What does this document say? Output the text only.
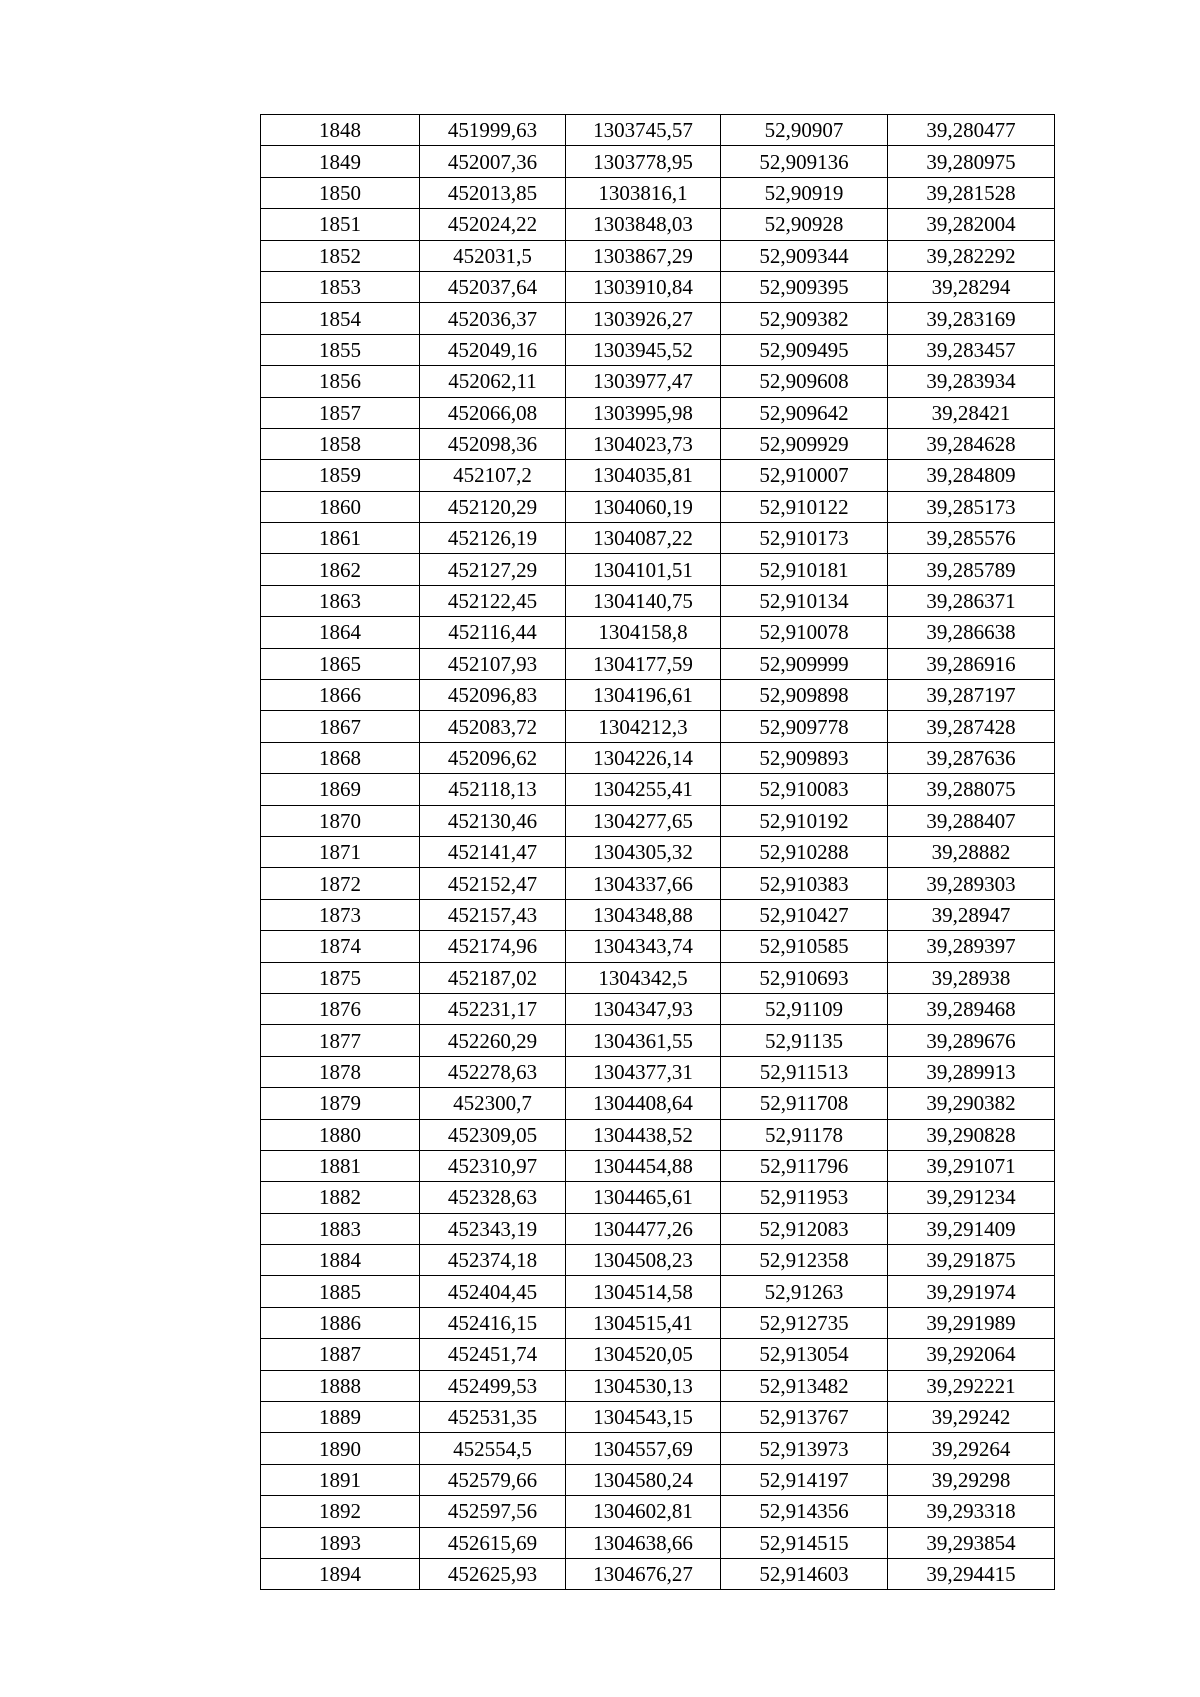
1848	451999,63	1303745,57	52,90907	39,280477
1849	452007,36	1303778,95	52,909136	39,280975
1850	452013,85	1303816,1	52,90919	39,281528
1851	452024,22	1303848,03	52,90928	39,282004
1852	452031,5	1303867,29	52,909344	39,282292
1853	452037,64	1303910,84	52,909395	39,28294
1854	452036,37	1303926,27	52,909382	39,283169
1855	452049,16	1303945,52	52,909495	39,283457
1856	452062,11	1303977,47	52,909608	39,283934
1857	452066,08	1303995,98	52,909642	39,28421
1858	452098,36	1304023,73	52,909929	39,284628
1859	452107,2	1304035,81	52,910007	39,284809
1860	452120,29	1304060,19	52,910122	39,285173
1861	452126,19	1304087,22	52,910173	39,285576
1862	452127,29	1304101,51	52,910181	39,285789
1863	452122,45	1304140,75	52,910134	39,286371
1864	452116,44	1304158,8	52,910078	39,286638
1865	452107,93	1304177,59	52,909999	39,286916
1866	452096,83	1304196,61	52,909898	39,287197
1867	452083,72	1304212,3	52,909778	39,287428
1868	452096,62	1304226,14	52,909893	39,287636
1869	452118,13	1304255,41	52,910083	39,288075
1870	452130,46	1304277,65	52,910192	39,288407
1871	452141,47	1304305,32	52,910288	39,28882
1872	452152,47	1304337,66	52,910383	39,289303
1873	452157,43	1304348,88	52,910427	39,28947
1874	452174,96	1304343,74	52,910585	39,289397
1875	452187,02	1304342,5	52,910693	39,28938
1876	452231,17	1304347,93	52,91109	39,289468
1877	452260,29	1304361,55	52,91135	39,289676
1878	452278,63	1304377,31	52,911513	39,289913
1879	452300,7	1304408,64	52,911708	39,290382
1880	452309,05	1304438,52	52,91178	39,290828
1881	452310,97	1304454,88	52,911796	39,291071
1882	452328,63	1304465,61	52,911953	39,291234
1883	452343,19	1304477,26	52,912083	39,291409
1884	452374,18	1304508,23	52,912358	39,291875
1885	452404,45	1304514,58	52,91263	39,291974
1886	452416,15	1304515,41	52,912735	39,291989
1887	452451,74	1304520,05	52,913054	39,292064
1888	452499,53	1304530,13	52,913482	39,292221
1889	452531,35	1304543,15	52,913767	39,29242
1890	452554,5	1304557,69	52,913973	39,29264
1891	452579,66	1304580,24	52,914197	39,29298
1892	452597,56	1304602,81	52,914356	39,293318
1893	452615,69	1304638,66	52,914515	39,293854
1894	452625,93	1304676,27	52,914603	39,294415
